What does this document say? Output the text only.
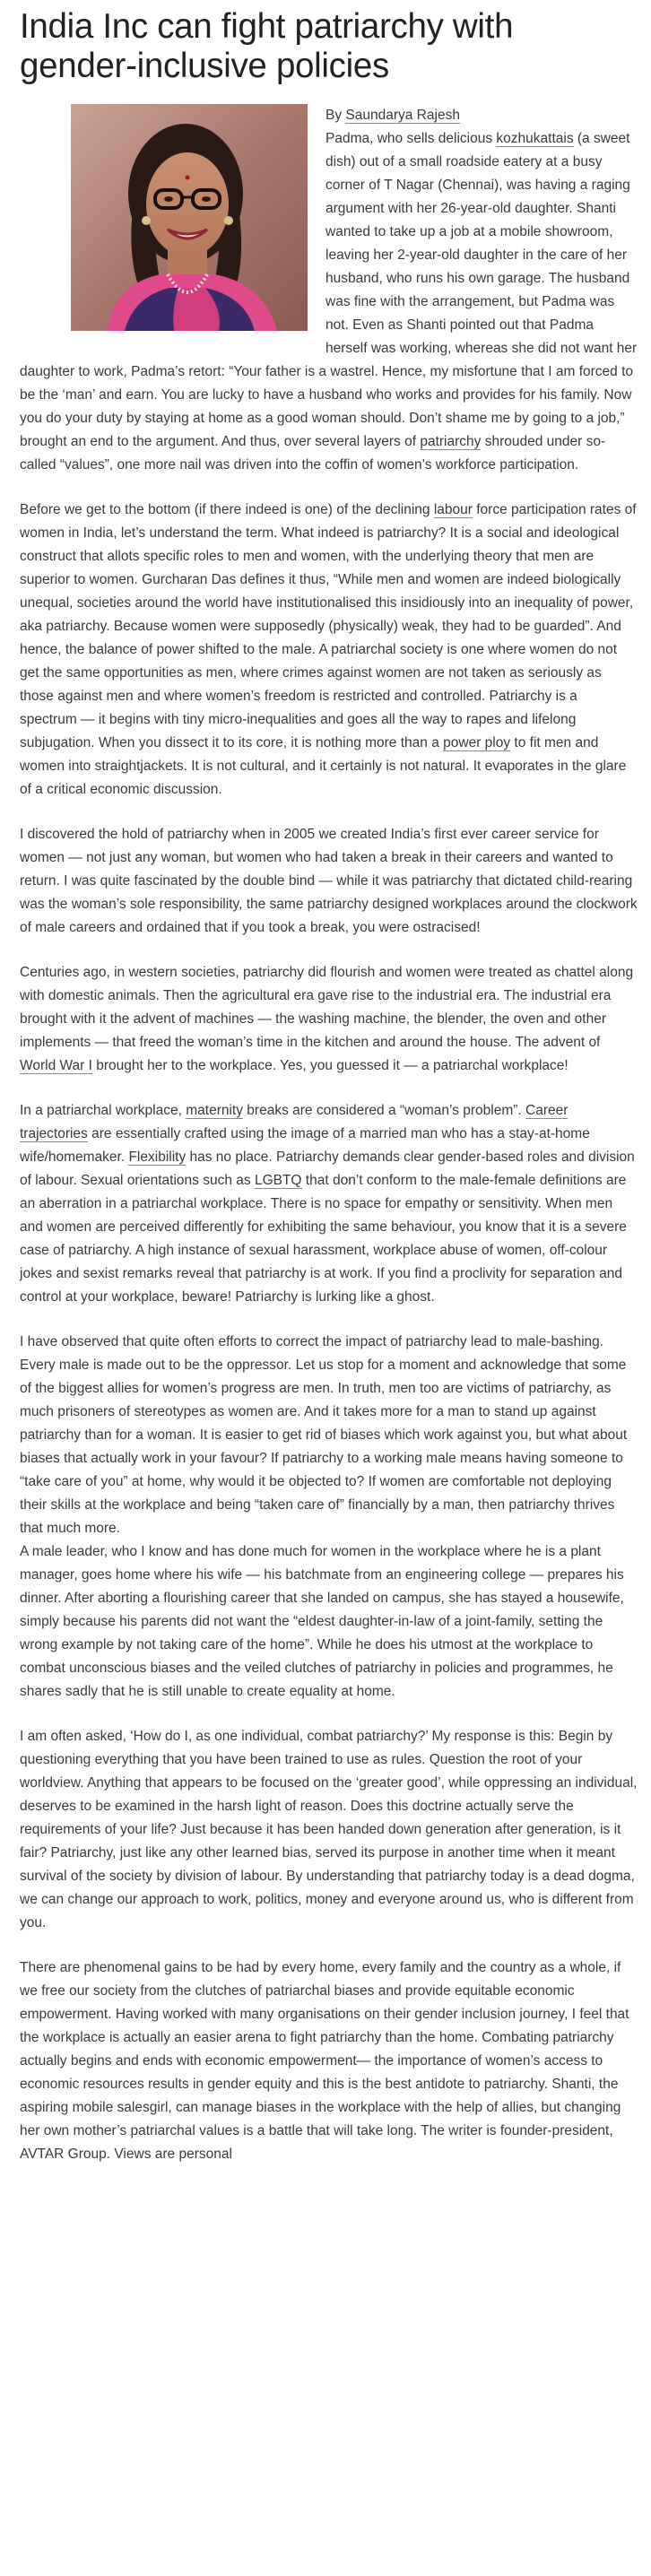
India Inc can fight patriarchy with gender-inclusive policies

By Saundarya Rajesh
Padma, who sells delicious kozhukattais (a sweet dish) out of a small roadside eatery at a busy corner of T Nagar (Chennai), was having a raging argument with her 26-year-old daughter. Shanti wanted to take up a job at a mobile showroom, leaving her 2-year-old daughter in the care of her husband, who runs his own garage. The husband was fine with the arrangement, but Padma was not. Even as Shanti pointed out that Padma herself was working, whereas she did not want her daughter to work, Padma’s retort: “Your father is a wastrel. Hence, my misfortune that I am forced to be the ‘man’ and earn. You are lucky to have a husband who works and provides for his family. Now you do your duty by staying at home as a good woman should. Don’t shame me by going to a job,” brought an end to the argument. And thus, over several layers of patriarchy shrouded under so-called “values”, one more nail was driven into the coffin of women’s workforce participation.

Before we get to the bottom (if there indeed is one) of the declining labour force participation rates of women in India, let’s understand the term. What indeed is patriarchy? It is a social and ideological construct that allots specific roles to men and women, with the underlying theory that men are superior to women. Gurcharan Das defines it thus, “While men and women are indeed biologically unequal, societies around the world have institutionalised this insidiously into an inequality of power, aka patriarchy. Because women were supposedly (physically) weak, they had to be guarded”. And hence, the balance of power shifted to the male. A patriarchal society is one where women do not get the same opportunities as men, where crimes against women are not taken as seriously as those against men and where women’s freedom is restricted and controlled. Patriarchy is a spectrum — it begins with tiny micro-inequalities and goes all the way to rapes and lifelong subjugation. When you dissect it to its core, it is nothing more than a power ploy to fit men and women into straightjackets. It is not cultural, and it certainly is not natural. It evaporates in the glare of a critical economic discussion.

I discovered the hold of patriarchy when in 2005 we created India’s first ever career service for women — not just any woman, but women who had taken a break in their careers and wanted to return. I was quite fascinated by the double bind — while it was patriarchy that dictated child-rearing was the woman’s sole responsibility, the same patriarchy designed workplaces around the clockwork of male careers and ordained that if you took a break, you were ostracised!

Centuries ago, in western societies, patriarchy did flourish and women were treated as chattel along with domestic animals. Then the agricultural era gave rise to the industrial era. The industrial era brought with it the advent of machines — the washing machine, the blender, the oven and other implements — that freed the woman’s time in the kitchen and around the house. The advent of World War I brought her to the workplace. Yes, you guessed it — a patriarchal workplace!

In a patriarchal workplace, maternity breaks are considered a “woman’s problem”. Career trajectories are essentially crafted using the image of a married man who has a stay-at-home wife/homemaker. Flexibility has no place. Patriarchy demands clear gender-based roles and division of labour. Sexual orientations such as LGBTQ that don’t conform to the male-female definitions are an aberration in a patriarchal workplace. There is no space for empathy or sensitivity. When men and women are perceived differently for exhibiting the same behaviour, you know that it is a severe case of patriarchy. A high instance of sexual harassment, workplace abuse of women, off-colour jokes and sexist remarks reveal that patriarchy is at work. If you find a proclivity for separation and control at your workplace, beware! Patriarchy is lurking like a ghost.

I have observed that quite often efforts to correct the impact of patriarchy lead to male-bashing. Every male is made out to be the oppressor. Let us stop for a moment and acknowledge that some of the biggest allies for women’s progress are men. In truth, men too are victims of patriarchy, as much prisoners of stereotypes as women are. And it takes more for a man to stand up against patriarchy than for a woman. It is easier to get rid of biases which work against you, but what about biases that actually work in your favour? If patriarchy to a working male means having someone to “take care of you” at home, why would it be objected to? If women are comfortable not deploying their skills at the workplace and being “taken care of” financially by a man, then patriarchy thrives that much more.

A male leader, who I know and has done much for women in the workplace where he is a plant manager, goes home where his wife — his batchmate from an engineering college — prepares his dinner. After aborting a flourishing career that she landed on campus, she has stayed a housewife, simply because his parents did not want the “eldest daughter-in-law of a joint-family, setting the wrong example by not taking care of the home”. While he does his utmost at the workplace to combat unconscious biases and the veiled clutches of patriarchy in policies and programmes, he shares sadly that he is still unable to create equality at home.

I am often asked, ‘How do I, as one individual, combat patriarchy?’ My response is this: Begin by questioning everything that you have been trained to use as rules. Question the root of your worldview. Anything that appears to be focused on the ‘greater good’, while oppressing an individual, deserves to be examined in the harsh light of reason. Does this doctrine actually serve the requirements of your life? Just because it has been handed down generation after generation, is it fair? Patriarchy, just like any other learned bias, served its purpose in another time when it meant survival of the society by division of labour. By understanding that patriarchy today is a dead dogma, we can change our approach to work, politics, money and everyone around us, who is different from you.

There are phenomenal gains to be had by every home, every family and the country as a whole, if we free our society from the clutches of patriarchal biases and provide equitable economic empowerment. Having worked with many organisations on their gender inclusion journey, I feel that the workplace is actually an easier arena to fight patriarchy than the home. Combating patriarchy actually begins and ends with economic empowerment— the importance of women’s access to economic resources results in gender equity and this is the best antidote to patriarchy. Shanti, the aspiring mobile salesgirl, can manage biases in the workplace with the help of allies, but changing her own mother’s patriarchal values is a battle that will take long. The writer is founder-president, AVTAR Group. Views are personal
